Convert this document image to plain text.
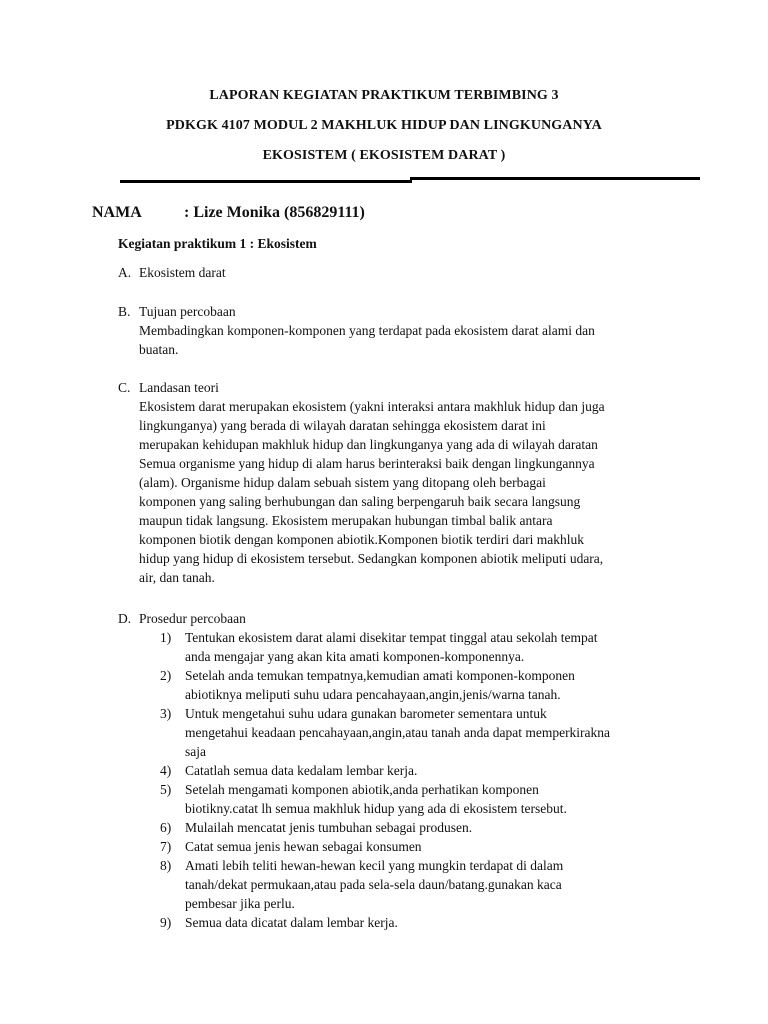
LAPORAN KEGIATAN PRAKTIKUM TERBIMBING 3
PDKGK 4107 MODUL 2 MAKHLUK HIDUP DAN LINGKUNGANYA
EKOSISTEM ( EKOSISTEM DARAT )
NAMA	: Lize Monika (856829111)
Kegiatan praktikum 1 : Ekosistem
A. Ekosistem darat
B. Tujuan percobaan
Membadingkan komponen-komponen yang terdapat pada ekosistem darat alami dan
buatan.
C. Landasan teori
Ekosistem darat merupakan ekosistem (yakni interaksi antara makhluk hidup dan juga
lingkunganya) yang berada di wilayah daratan sehingga ekosistem darat ini
merupakan kehidupan makhluk hidup dan lingkunganya yang ada di wilayah daratan
Semua organisme yang hidup di alam harus berinteraksi baik dengan lingkungannya
(alam). Organisme hidup dalam sebuah sistem yang ditopang oleh berbagai
komponen yang saling berhubungan dan saling berpengaruh baik secara langsung
maupun tidak langsung. Ekosistem merupakan hubungan timbal balik antara
komponen biotik dengan komponen abiotik.Komponen biotik terdiri dari makhluk
hidup yang hidup di ekosistem tersebut. Sedangkan komponen abiotik meliputi udara,
air, dan tanah.
D. Prosedur percobaan
1) Tentukan ekosistem darat alami disekitar tempat tinggal atau sekolah tempat
anda mengajar yang akan kita amati komponen-komponennya.
2) Setelah anda temukan tempatnya,kemudian amati komponen-komponen
abiotiknya meliputi suhu udara pencahayaan,angin,jenis/warna tanah.
3) Untuk mengetahui suhu udara gunakan barometer sementara untuk
mengetahui keadaan pencahayaan,angin,atau tanah anda dapat memperkirakna
saja
4) Catatlah semua data kedalam lembar kerja.
5) Setelah mengamati komponen abiotik,anda perhatikan komponen
biotikny.catat lh semua makhluk hidup yang ada di ekosistem tersebut.
6) Mulailah mencatat jenis tumbuhan sebagai produsen.
7) Catat semua jenis hewan sebagai konsumen
8) Amati lebih teliti hewan-hewan kecil yang mungkin terdapat di dalam
tanah/dekat permukaan,atau pada sela-sela daun/batang.gunakan kaca
pembesar jika perlu.
9) Semua data dicatat dalam lembar kerja.
